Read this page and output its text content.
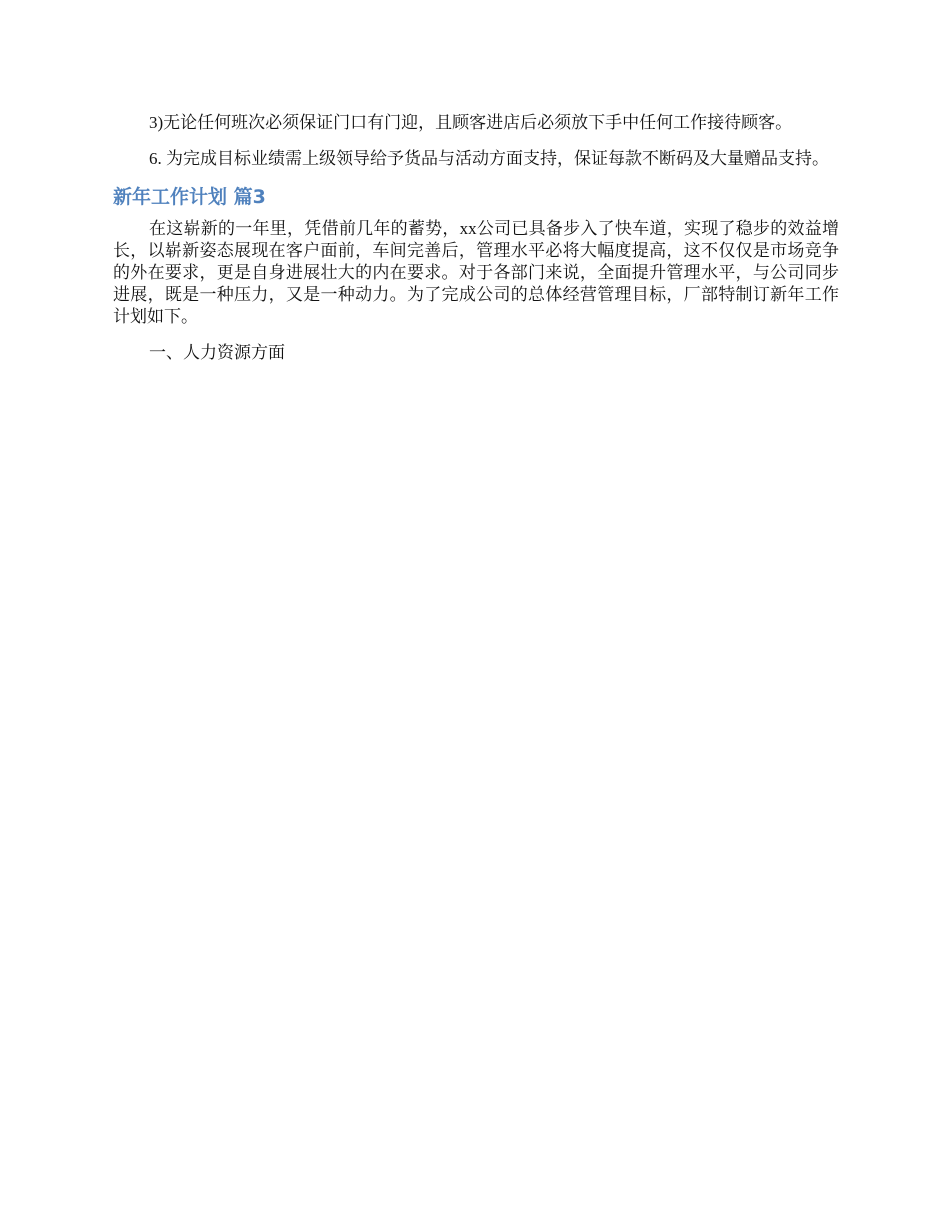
3)无论任何班次必须保证门口有门迎，且顾客进店后必须放下手中任何工作接待顾客。

6. 为完成目标业绩需上级领导给予货品与活动方面支持，保证每款不断码及大量赠品支持。

新年工作计划 篇3

在这崭新的一年里，凭借前几年的蓄势，xx公司已具备步入了快车道，实现了稳步的效益增长，以崭新姿态展现在客户面前，车间完善后，管理水平必将大幅度提高，这不仅仅是市场竞争的外在要求，更是自身进展壮大的内在要求。对于各部门来说，全面提升管理水平，与公司同步进展，既是一种压力，又是一种动力。为了完成公司的总体经营管理目标，厂部特制订新年工作计划如下。

一、人力资源方面
